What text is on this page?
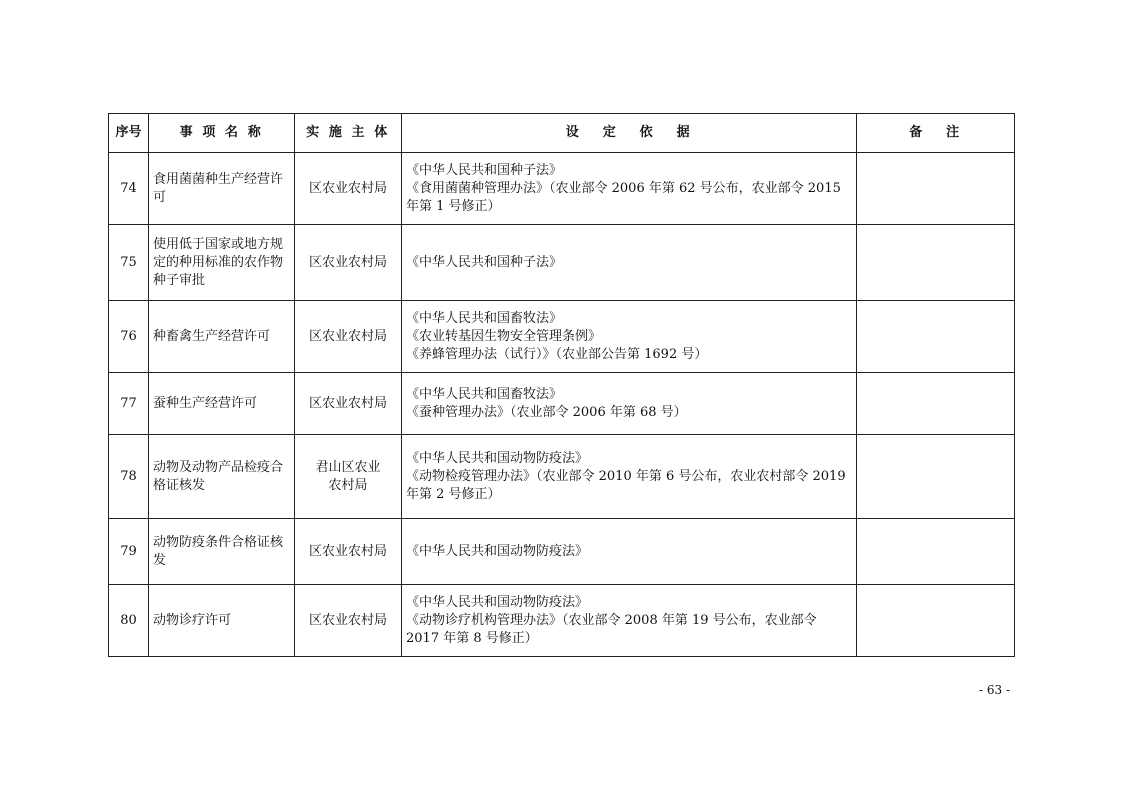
序号	事 项 名 称	实 施 主 体	设   定   依   据	备   注
74	食用菌菌种生产经营许可	区农业农村局	《中华人民共和国种子法》
《食用菌菌种管理办法》（农业部令 2006 年第 62 号公布，农业部令 2015 年第 1 号修正）	

75	使用低于国家或地方规定的种用标准的农作物种子审批	区农业农村局	《中华人民共和国种子法》	

76	种畜禽生产经营许可	区农业农村局	《中华人民共和国畜牧法》
《农业转基因生物安全管理条例》
《养蜂管理办法（试行）》（农业部公告第 1692 号）	

77	蚕种生产经营许可	区农业农村局	《中华人民共和国畜牧法》
《蚕种管理办法》（农业部令 2006 年第 68 号）	

78	动物及动物产品检疫合格证核发	君山区农业农村局	《中华人民共和国动物防疫法》
《动物检疫管理办法》（农业部令 2010 年第 6 号公布，农业农村部令 2019 年第 2 号修正）	

79	动物防疫条件合格证核发	区农业农村局	《中华人民共和国动物防疫法》	

80	动物诊疗许可	区农业农村局	《中华人民共和国动物防疫法》
《动物诊疗机构管理办法》（农业部令 2008 年第 19 号公布，农业部令 2017 年第 8 号修正）	

- 63 -
